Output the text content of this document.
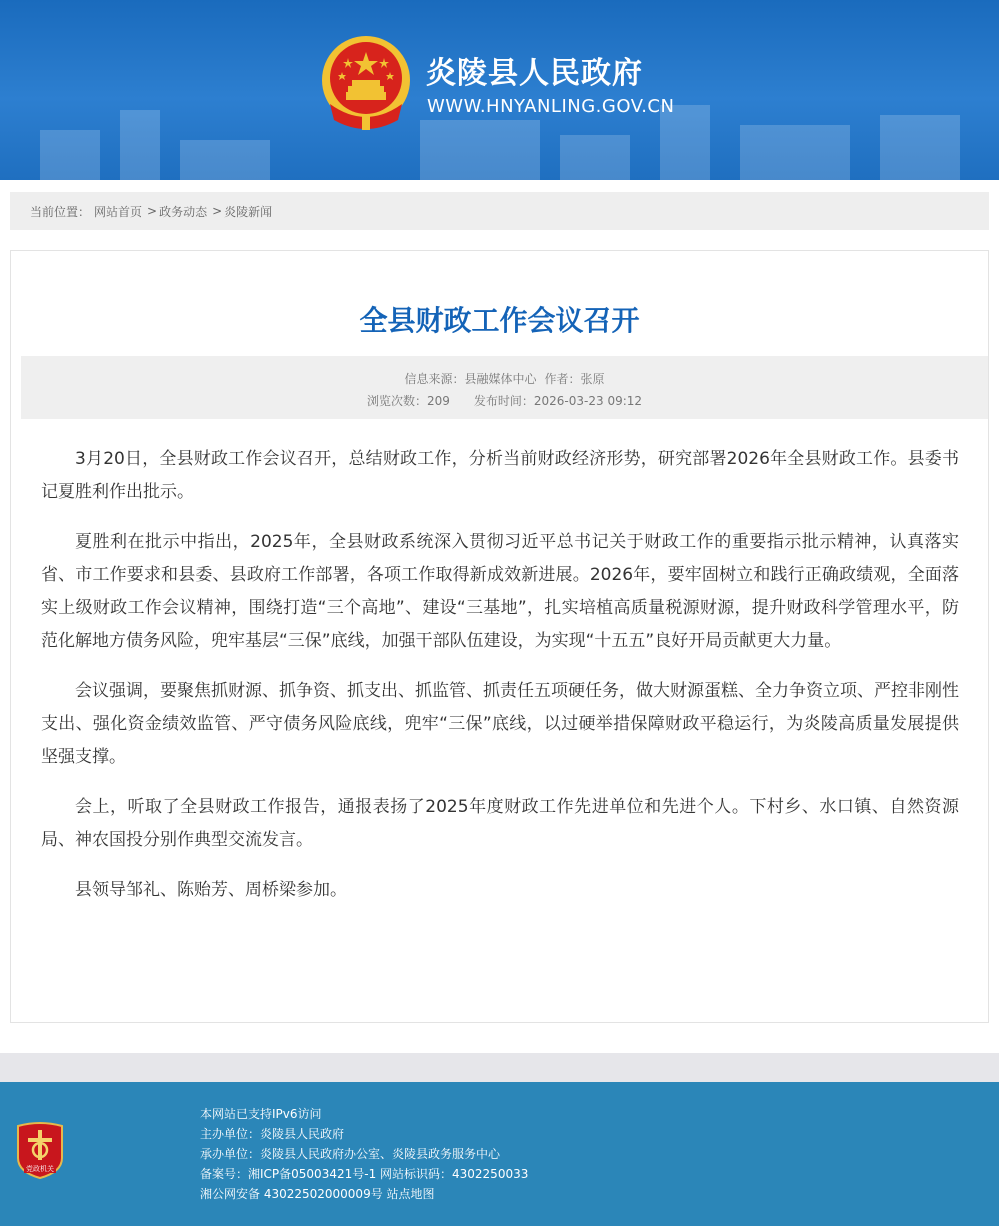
炎陵县人民政府
WWW.HNYANLING.GOV.CN
当前位置： 网站首页 > 政务动态 > 炎陵新闻
全县财政工作会议召开
信息来源：县融媒体中心 作者：张原
浏览次数：209 发布时间：2026-03-23 09:12

3月20日，全县财政工作会议召开，总结财政工作，分析当前财政经济形势，研究部署2026年全县财政工作。县委书记夏胜利作出批示。

夏胜利在批示中指出，2025年，全县财政系统深入贯彻习近平总书记关于财政工作的重要指示批示精神，认真落实省、市工作要求和县委、县政府工作部署，各项工作取得新成效新进展。2026年，要牢固树立和践行正确政绩观，全面落实上级财政工作会议精神，围绕打造“三个高地”、建设“三基地”，扎实培植高质量税源财源，提升财政科学管理水平，防范化解地方债务风险，兜牢基层“三保”底线，加强干部队伍建设，为实现“十五五”良好开局贡献更大力量。

会议强调，要聚焦抓财源、抓争资、抓支出、抓监管、抓责任五项硬任务，做大财源蛋糕、全力争资立项、严控非刚性支出、强化资金绩效监管、严守债务风险底线，兜牢“三保”底线，以过硬举措保障财政平稳运行，为炎陵高质量发展提供坚强支撑。

会上，听取了全县财政工作报告，通报表扬了2025年度财政工作先进单位和先进个人。下村乡、水口镇、自然资源局、神农国投分别作典型交流发言。

县领导邹礼、陈贻芳、周桥梁参加。

党政机关
本网站已支持IPv6访问
主办单位：炎陵县人民政府
承办单位：炎陵县人民政府办公室、炎陵县政务服务中心
备案号：湘ICP备05003421号-1 网站标识码：4302250033
湘公网安备 43022502000009号 站点地图
